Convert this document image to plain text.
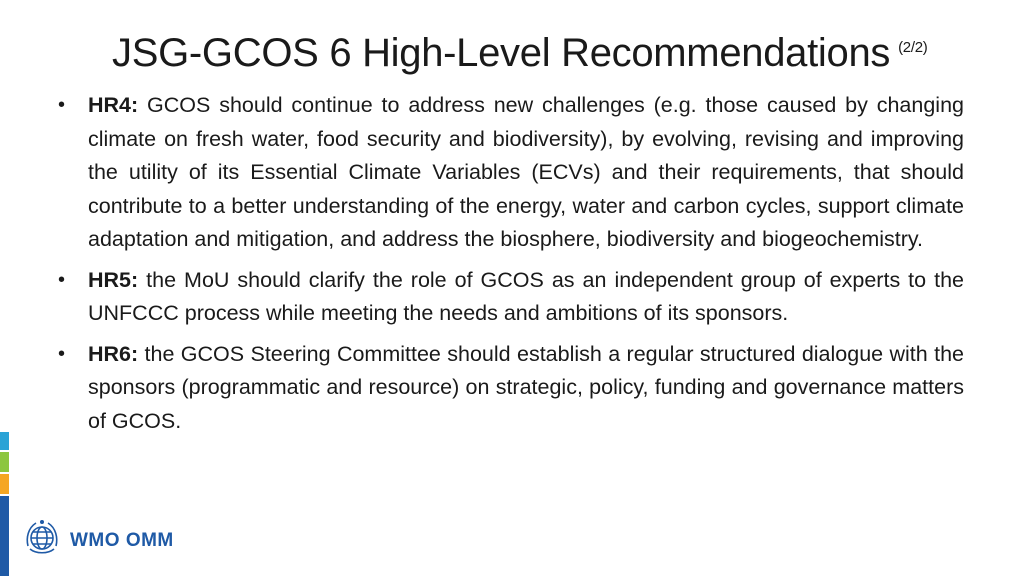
JSG-GCOS 6 High-Level Recommendations $^{(2/2)}$
•	HR4: GCOS should continue to address new challenges (e.g. those caused by changing climate on fresh water, food security and biodiversity), by evolving, revising and improving the utility of its Essential Climate Variables (ECVs) and their requirements, that should contribute to a better understanding of the energy, water and carbon cycles, support climate adaptation and mitigation, and address the biosphere, biodiversity and biogeochemistry.
•	HR5: the MoU should clarify the role of GCOS as an independent group of experts to the UNFCCC process while meeting the needs and ambitions of its sponsors.
•	HR6: the GCOS Steering Committee should establish a regular structured dialogue with the sponsors (programmatic and resource) on strategic, policy, funding and governance matters of GCOS.
WMO OMM
